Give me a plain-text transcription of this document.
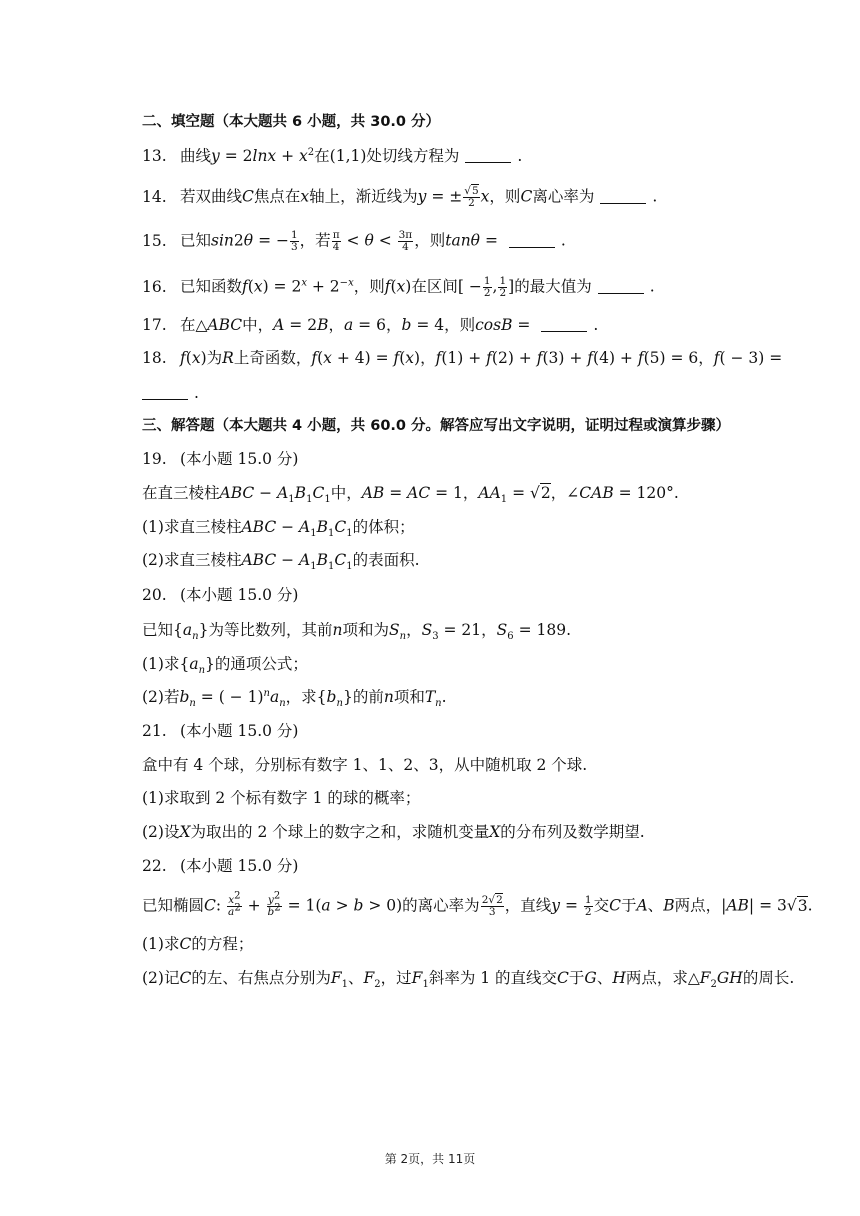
二、填空题（本大题共 6 小题，共 30.0 分）
13. 曲线$y = 2\ln x + x^2$在(1,1)处切线方程为	.
14. 若双曲线C焦点在x轴上，渐近线为y = ± $\frac{√5}{2}$ x，则C离心率为	.
15. 已知sin2θ = − $\frac{1}{3}$ ，若 $\frac{\pi}{4} < \theta < \frac{3\pi}{4}$ ，则tanθ =	.
16. 已知函数$f(x) = 2^x + 2^{-x}$，则f(x)在区间[ − $\frac{1}{2}$ , $\frac{1}{2}$ ]的最大值为	.
17. 在△ABC中，A = 2B，a = 6，b = 4，则cosB =	.
18. f(x)为R上奇函数，f(x + 4) = f(x)，f(1) + f(2) + f(3) + f(4) + f(5) = 6，f( − 3) =
.
三、解答题（本大题共 4 小题，共 60.0 分。解答应写出文字说明，证明过程或演算步骤）
19. (本小题 15.0 分)
在直三棱柱ABC − $A_1B_1C_1$中，AB = AC = 1，$AA_1 = √2$，∠CAB = 120°.
(1)求直三棱柱ABC − $A_1B_1C_1$的体积；
(2)求直三棱柱ABC − $A_1B_1C_1$的表面积.
20. (本小题 15.0 分)
已知$\{a_n\}$为等比数列，其前n项和为$S_n$，$S_3 = 21$，$S_6 = 189$.
(1)求$\{a_n\}$的通项公式；
(2)若$b_n$ = ( − $1)^na_n$，求$\{b_n\}$的前n项和$T_n$.
21. (本小题 15.0 分)
盒中有 4 个球，分别标有数字 1、1、2、3，从中随机取 2 个球.
(1)求取到 2 个标有数字 1 的球的概率；
(2)设X为取出的 2 个球上的数字之和，求随机变量X的分布列及数学期望.
22. (本小题 15.0 分)
已知椭圆C: $\frac{x^2}{a^2} + \frac{y^2}{b^2} = 1(a > b > 0)$的离心率为 $\frac{2√2}{3}$ ，直线$y = \frac{1}{2}$ 交C于A、B两点，|AB| = 3√3.
(1)求C的方程；
(2)记C的左、右焦点分别为$F_1$、$F_2$，过$F_1$斜率为 1 的直线交C于G、H两点，求$\triangle F_2GH$的周长.
第 2页，共 11页
